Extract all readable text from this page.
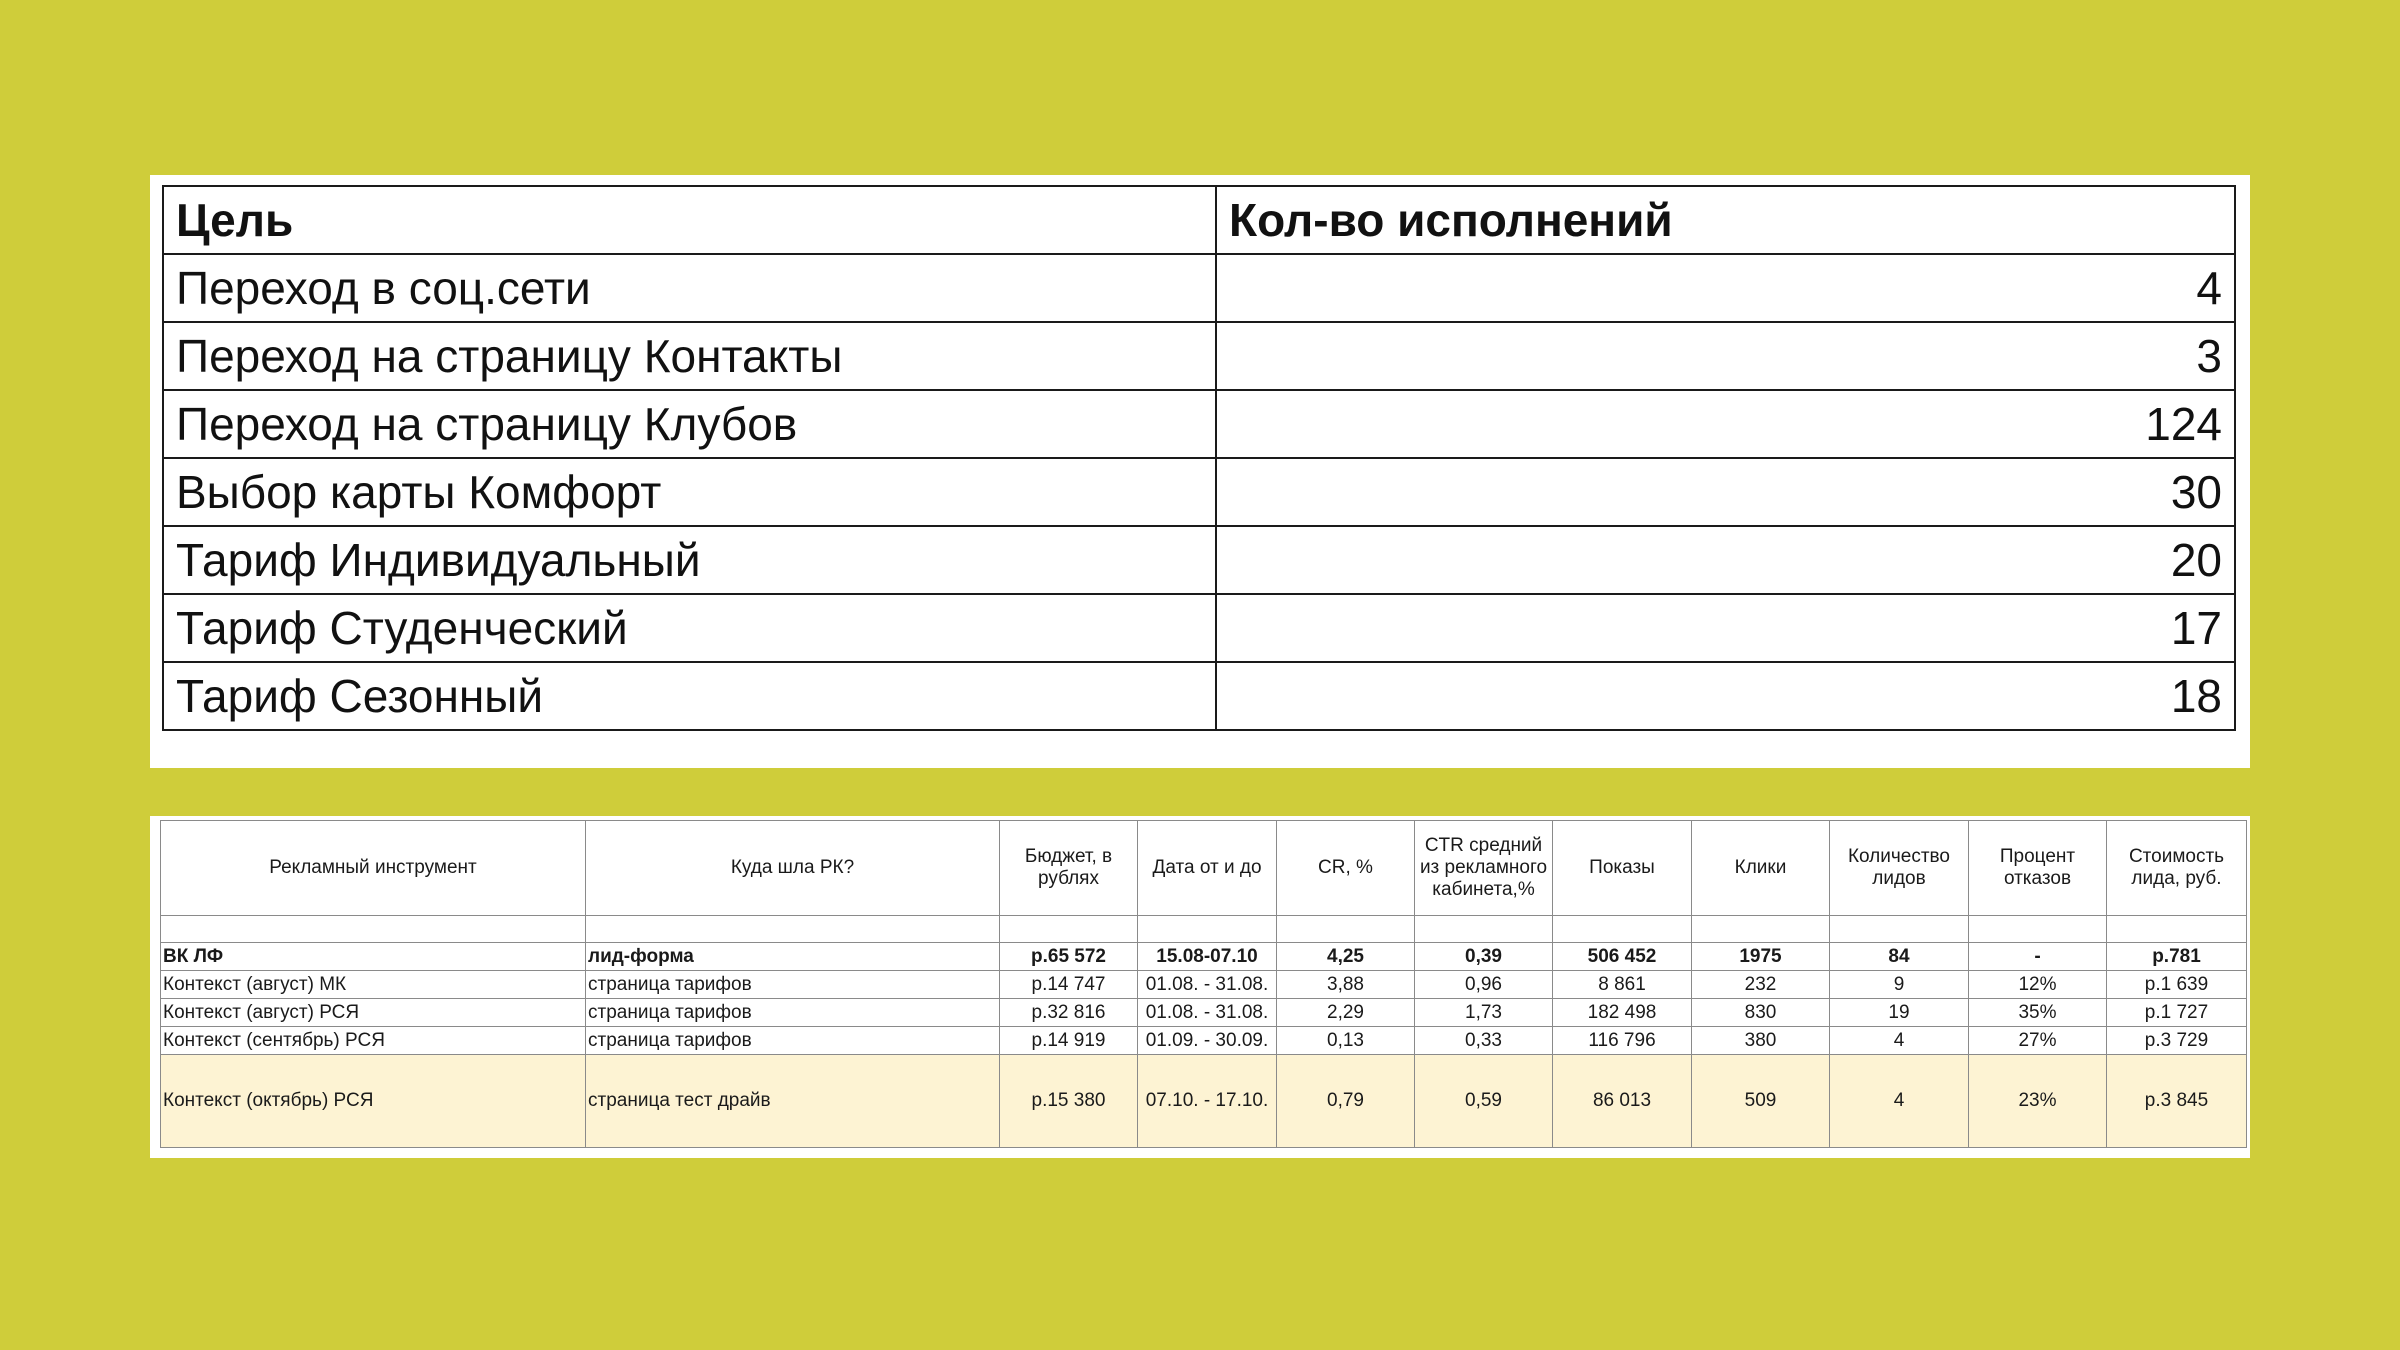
Цель	Кол-во исполнений
Переход в соц.сети	4
Переход на страницу Контакты	3
Переход на страницу Клубов	124
Выбор карты Комфорт	30
Тариф Индивидуальный	20
Тариф Студенческий	17
Тариф Сезонный	18
Рекламный инструмент	Куда шла РК?	Бюджет, в рублях	Дата от и до	CR, %	CTR средний из рекламного кабинета,%	Показы	Клики	Количество лидов	Процент отказов	Стоимость лида, руб.

ВК ЛФ	лид-форма	р.65 572	15.08-07.10	4,25	0,39	506 452	1975	84	-	р.781
Контекст (август) МК	страница тарифов	р.14 747	01.08. - 31.08.	3,88	0,96	8 861	232	9	12%	р.1 639
Контекст (август) РСЯ	страница тарифов	р.32 816	01.08. - 31.08.	2,29	1,73	182 498	830	19	35%	р.1 727
Контекст (сентябрь) РСЯ	страница тарифов	р.14 919	01.09. - 30.09.	0,13	0,33	116 796	380	4	27%	р.3 729
Контекст (октябрь) РСЯ	страница тест драйв	р.15 380	07.10. - 17.10.	0,79	0,59	86 013	509	4	23%	р.3 845
